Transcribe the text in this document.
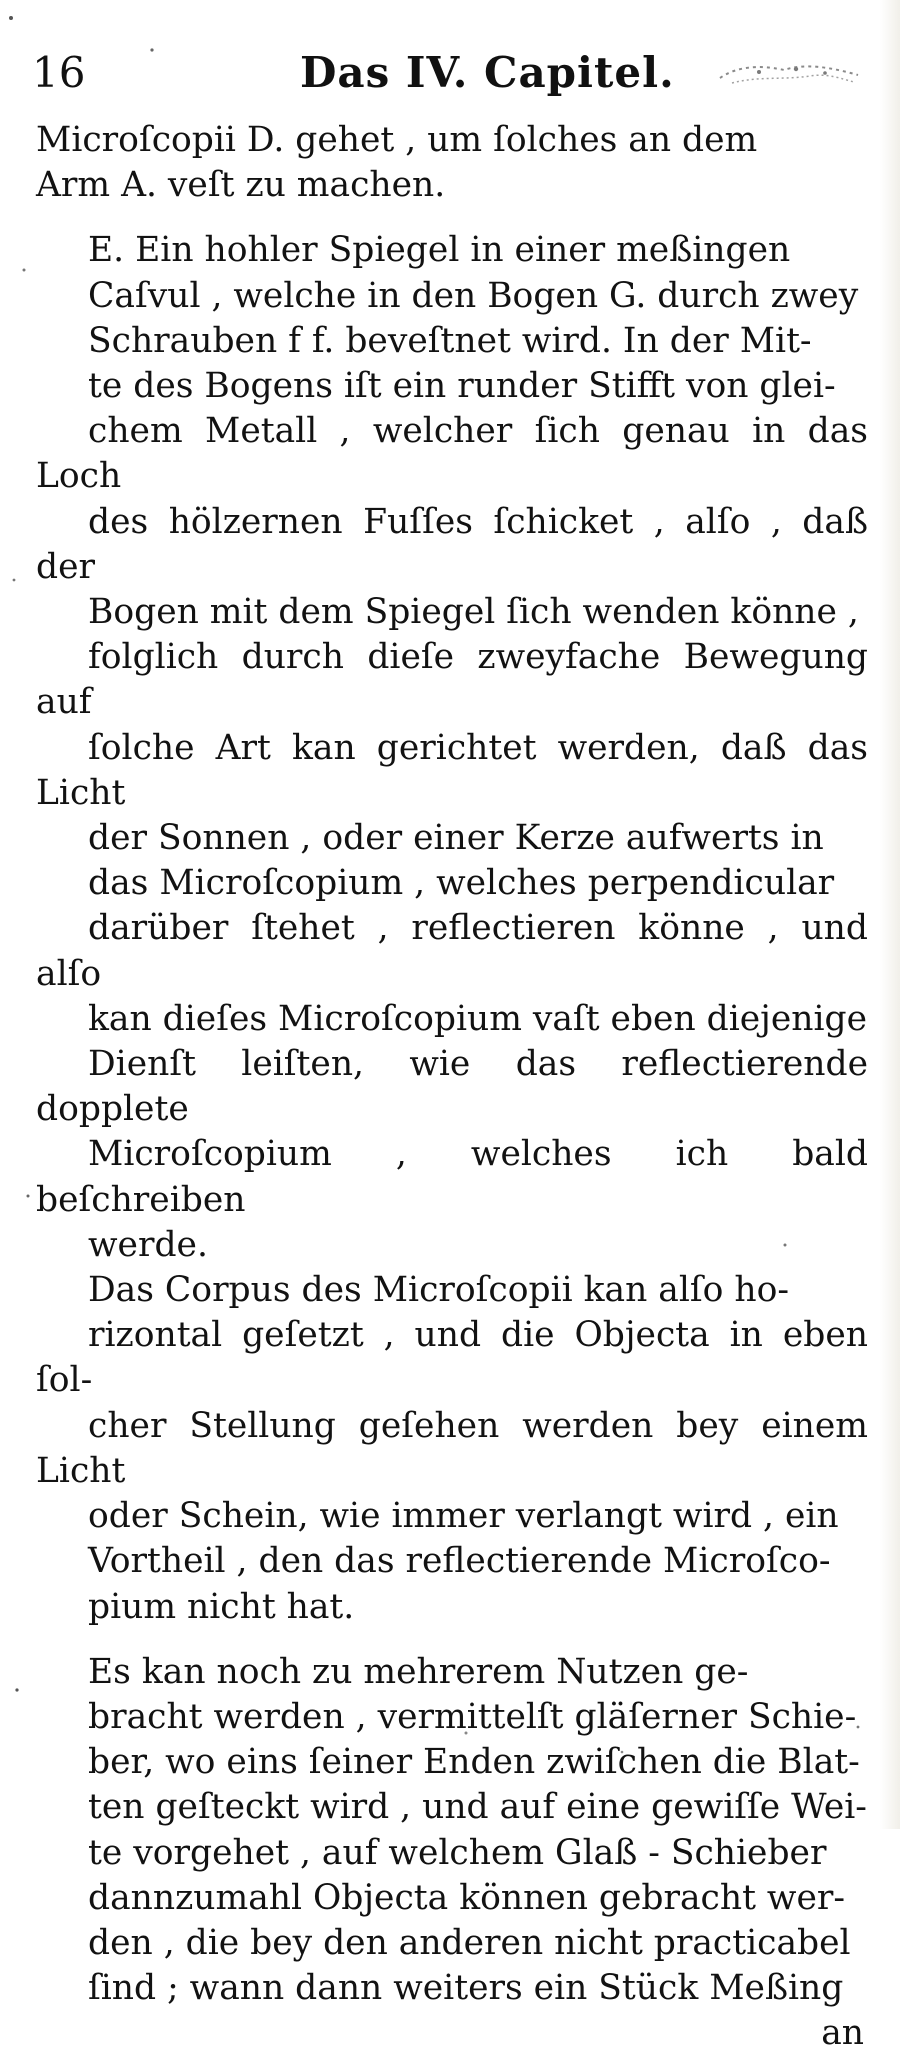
16	Das IV. Capitel.
Microſcopii D. gehet , um ſolches an dem
Arm A. veſt zu machen.
E. Ein hohler Spiegel in einer meßingen
Caſvul , welche in den Bogen G. durch zwey
Schrauben f f. beveſtnet wird. In der Mit-
te des Bogens iſt ein runder Stifft von glei-
chem Metall , welcher ſich genau in das Loch
des hölzernen Fuſſes ſchicket , alſo , daß der
Bogen mit dem Spiegel ſich wenden könne ,
folglich durch dieſe zweyfache Bewegung auf
ſolche Art kan gerichtet werden, daß das Licht
der Sonnen , oder einer Kerze aufwerts in
das Microſcopium , welches perpendicular
darüber ſtehet , reflectieren könne , und alſo
kan dieſes Microſcopium vaſt eben diejenige
Dienſt leiſten, wie das reflectierende dopplete
Microſcopium , welches ich bald beſchreiben
werde.
Das Corpus des Microſcopii kan alſo ho-
rizontal geſetzt , und die Objecta in eben ſol-
cher Stellung geſehen werden bey einem Licht
oder Schein, wie immer verlangt wird , ein
Vortheil , den das reflectierende Microſco-
pium nicht hat.
Es kan noch zu mehrerem Nutzen ge-
bracht werden , vermittelſt gläſerner Schie-
ber, wo eins ſeiner Enden zwiſchen die Blat-
ten geſteckt wird , und auf eine gewiſſe Wei-
te vorgehet , auf welchem Glaß - Schieber
dannzumahl Objecta können gebracht wer-
den , die bey den anderen nicht practicabel
ſind ; wann dann weiters ein Stück Meßing
an
